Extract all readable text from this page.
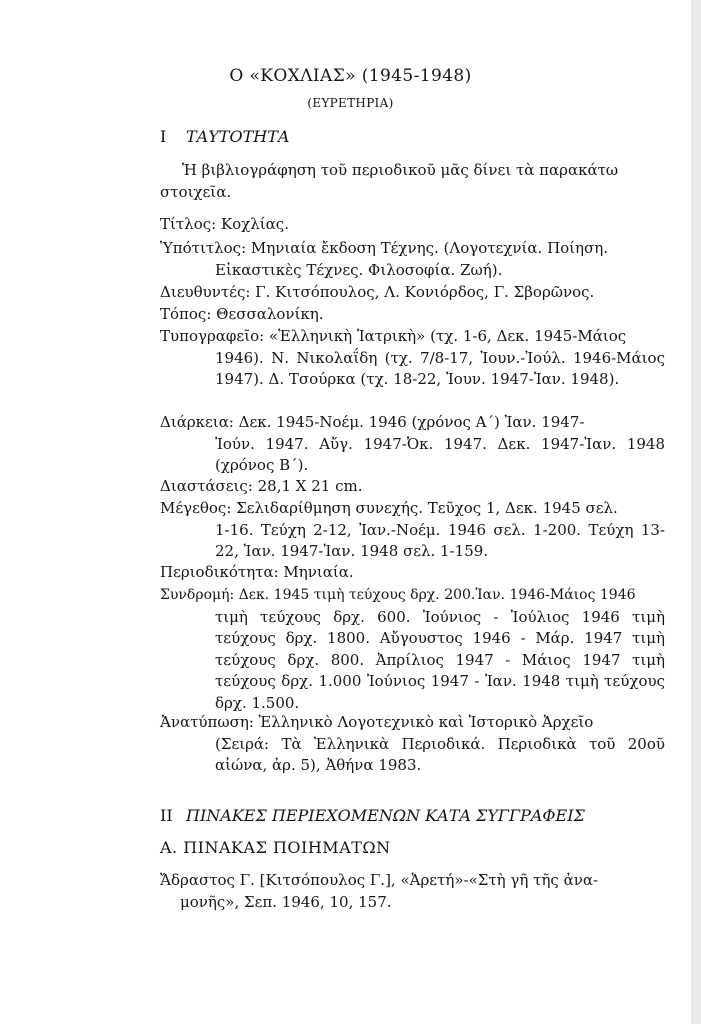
Ο «ΚΟΧΛΙΑΣ» (1945-1948)
(ΕΥΡΕΤΗΡΙΑ)
I ΤΑΥΤΟΤΗΤΑ
Ἡ βιβλιογράφηση τοῦ περιοδικοῦ μᾶς δίνει τὰ παρακάτω στοιχεῖα.
Τίτλος: Κοχλίας.
Ὑπότιτλος: Μηνιαία ἔκδοση Τέχνης. (Λογοτεχνία. Ποίηση.
Εἰκαστικὲς Τέχνες. Φιλοσοφία. Ζωή).
Διευθυντές: Γ. Κιτσόπουλος, Λ. Κονιόρδος, Γ. Σβορῶνος.
Τόπος: Θεσσαλονίκη.
Τυπογραφεῖο: «Ἑλληνικὴ Ἰατρικὴ» (τχ. 1-6, Δεκ. 1945-Μάιος
1946). Ν. Νικολαΐδη (τχ. 7/8-17, Ἰουν.-Ἰούλ. 1946-Μάιος 1947). Δ. Τσούρκα (τχ. 18-22, Ἰουν. 1947-Ἰαν. 1948).
Διάρκεια: Δεκ. 1945-Νοέμ. 1946 (χρόνος Α΄) Ἰαν. 1947-
Ἰούν. 1947. Αὔγ. 1947-Ὀκ. 1947. Δεκ. 1947-Ἰαν. 1948 (χρόνος Β΄).
Διαστάσεις: 28,1 Χ 21 cm.
Μέγεθος: Σελιδαρίθμηση συνεχής. Τεῦχος 1, Δεκ. 1945 σελ.
1-16. Τεύχη 2-12, Ἰαν.-Νοέμ. 1946 σελ. 1-200. Τεύχη 13-22, Ἰαν. 1947-Ἰαν. 1948 σελ. 1-159.
Περιοδικότητα: Μηνιαία.
Συνδρομή: Δεκ. 1945 τιμὴ τεύχους δρχ. 200.Ἰαν. 1946-Μάιος 1946
τιμὴ τεύχους δρχ. 600. Ἰούνιος - Ἰούλιος 1946 τιμὴ τεύχους δρχ. 1800. Αὔγουστος 1946 - Μάρ. 1947 τιμὴ τεύχους δρχ. 800. Ἀπρίλιος 1947 - Μάιος 1947 τιμὴ τεύχους δρχ. 1.000 Ἰούνιος 1947 - Ἰαν. 1948 τιμὴ τεύχους δρχ. 1.500.
Ἀνατύπωση: Ἑλληνικὸ Λογοτεχνικὸ καὶ Ἱστορικὸ Ἀρχεῖο
(Σειρά: Τὰ Ἑλληνικὰ Περιοδικά. Περιοδικὰ τοῦ 20οῦ αἰώνα, ἀρ. 5), Ἀθήνα 1983.
II ΠΙΝΑΚΕΣ ΠΕΡΙΕΧΟΜΕΝΩΝ ΚΑΤΑ ΣΥΓΓΡΑΦΕΙΣ
Α. ΠΙΝΑΚΑΣ ΠΟΙΗΜΑΤΩΝ
Ἄδραστος Γ. [Κιτσόπουλος Γ.], «Ἀρετή»-«Στὴ γῆ τῆς ἀνα-
μονῆς», Σεπ. 1946, 10, 157.
